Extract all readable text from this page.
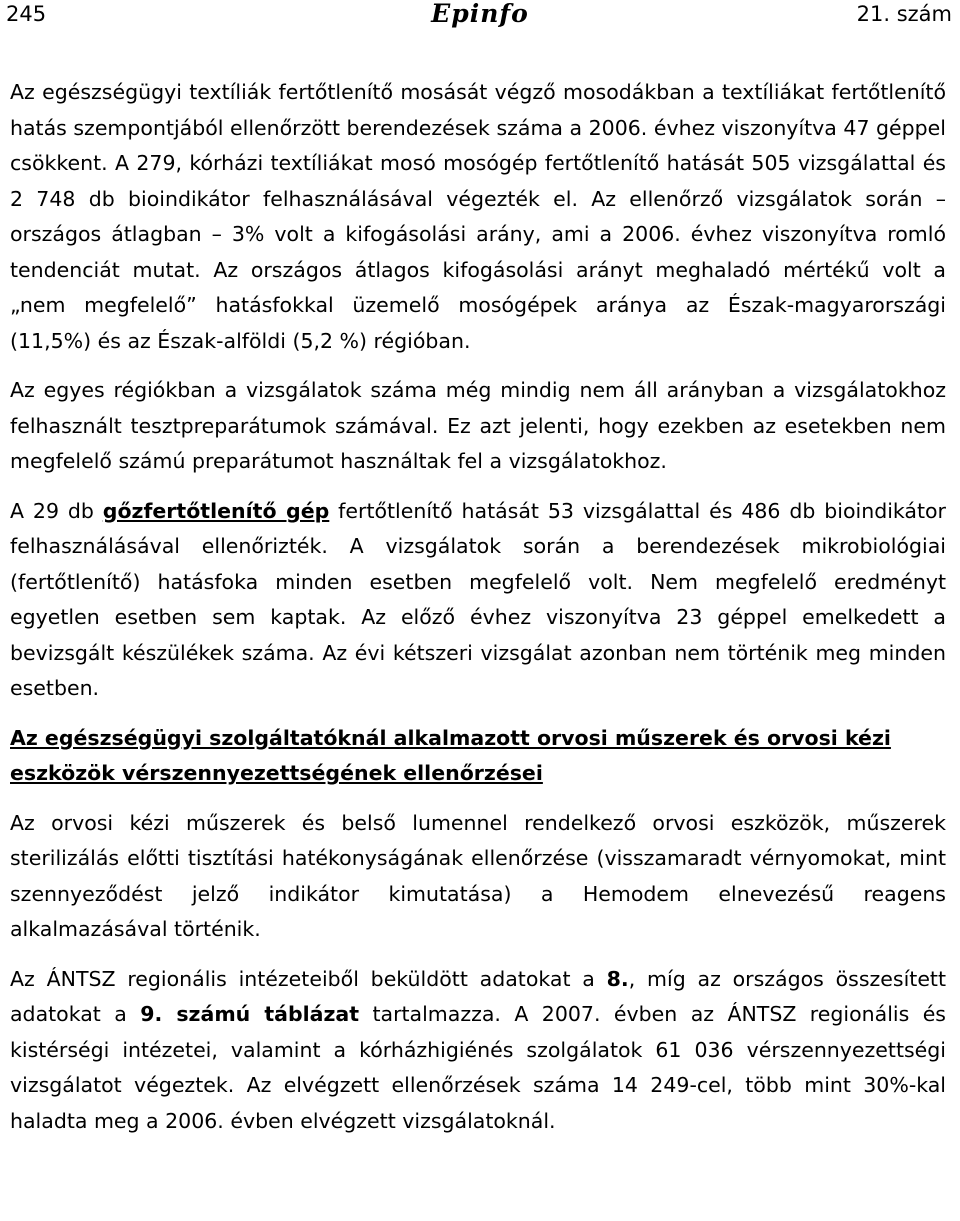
245	Epinfo	21. szám

Az egészségügyi textíliák fertőtlenítő mosását végző mosodákban a textíliákat fertőtlenítő hatás szempontjából ellenőrzött berendezések száma a 2006. évhez viszonyítva 47 géppel csökkent. A 279, kórházi textíliákat mosó mosógép fertőtlenítő hatását 505 vizsgálattal és 2 748 db bioindikátor felhasználásával végezték el. Az ellenőrző vizsgálatok során – országos átlagban – 3% volt a kifogásolási arány, ami a 2006. évhez viszonyítva romló tendenciát mutat. Az országos átlagos kifogásolási arányt meghaladó mértékű volt a „nem megfelelő” hatásfokkal üzemelő mosógépek aránya az Észak-magyarországi (11,5%) és az Észak-alföldi (5,2 %) régióban.

Az egyes régiókban a vizsgálatok száma még mindig nem áll arányban a vizsgálatokhoz felhasznált tesztpreparátumok számával. Ez azt jelenti, hogy ezekben az esetekben nem megfelelő számú preparátumot használtak fel a vizsgálatokhoz.

A 29 db gőzfertőtlenítő gép fertőtlenítő hatását 53 vizsgálattal és 486 db bioindikátor felhasználásával ellenőrizték. A vizsgálatok során a berendezések mikrobiológiai (fertőtlenítő) hatásfoka minden esetben megfelelő volt. Nem megfelelő eredményt egyetlen esetben sem kaptak. Az előző évhez viszonyítva 23 géppel emelkedett a bevizsgált készülékek száma. Az évi kétszeri vizsgálat azonban nem történik meg minden esetben.

Az egészségügyi szolgáltatóknál alkalmazott orvosi műszerek és orvosi kézi eszközök vérszennyezettségének ellenőrzései

Az orvosi kézi műszerek és belső lumennel rendelkező orvosi eszközök, műszerek sterilizálás előtti tisztítási hatékonyságának ellenőrzése (visszamaradt vérnyomokat, mint szennyeződést jelző indikátor kimutatása) a Hemodem elnevezésű reagens alkalmazásával történik.

Az ÁNTSZ regionális intézeteiből beküldött adatokat a 8., míg az országos összesített adatokat a 9. számú táblázat tartalmazza. A 2007. évben az ÁNTSZ regionális és kistérségi intézetei, valamint a kórházhigiénés szolgálatok 61 036 vérszennyezettségi vizsgálatot végeztek. Az elvégzett ellenőrzések száma 14 249-cel, több mint 30%-kal haladta meg a 2006. évben elvégzett vizsgálatoknál.
